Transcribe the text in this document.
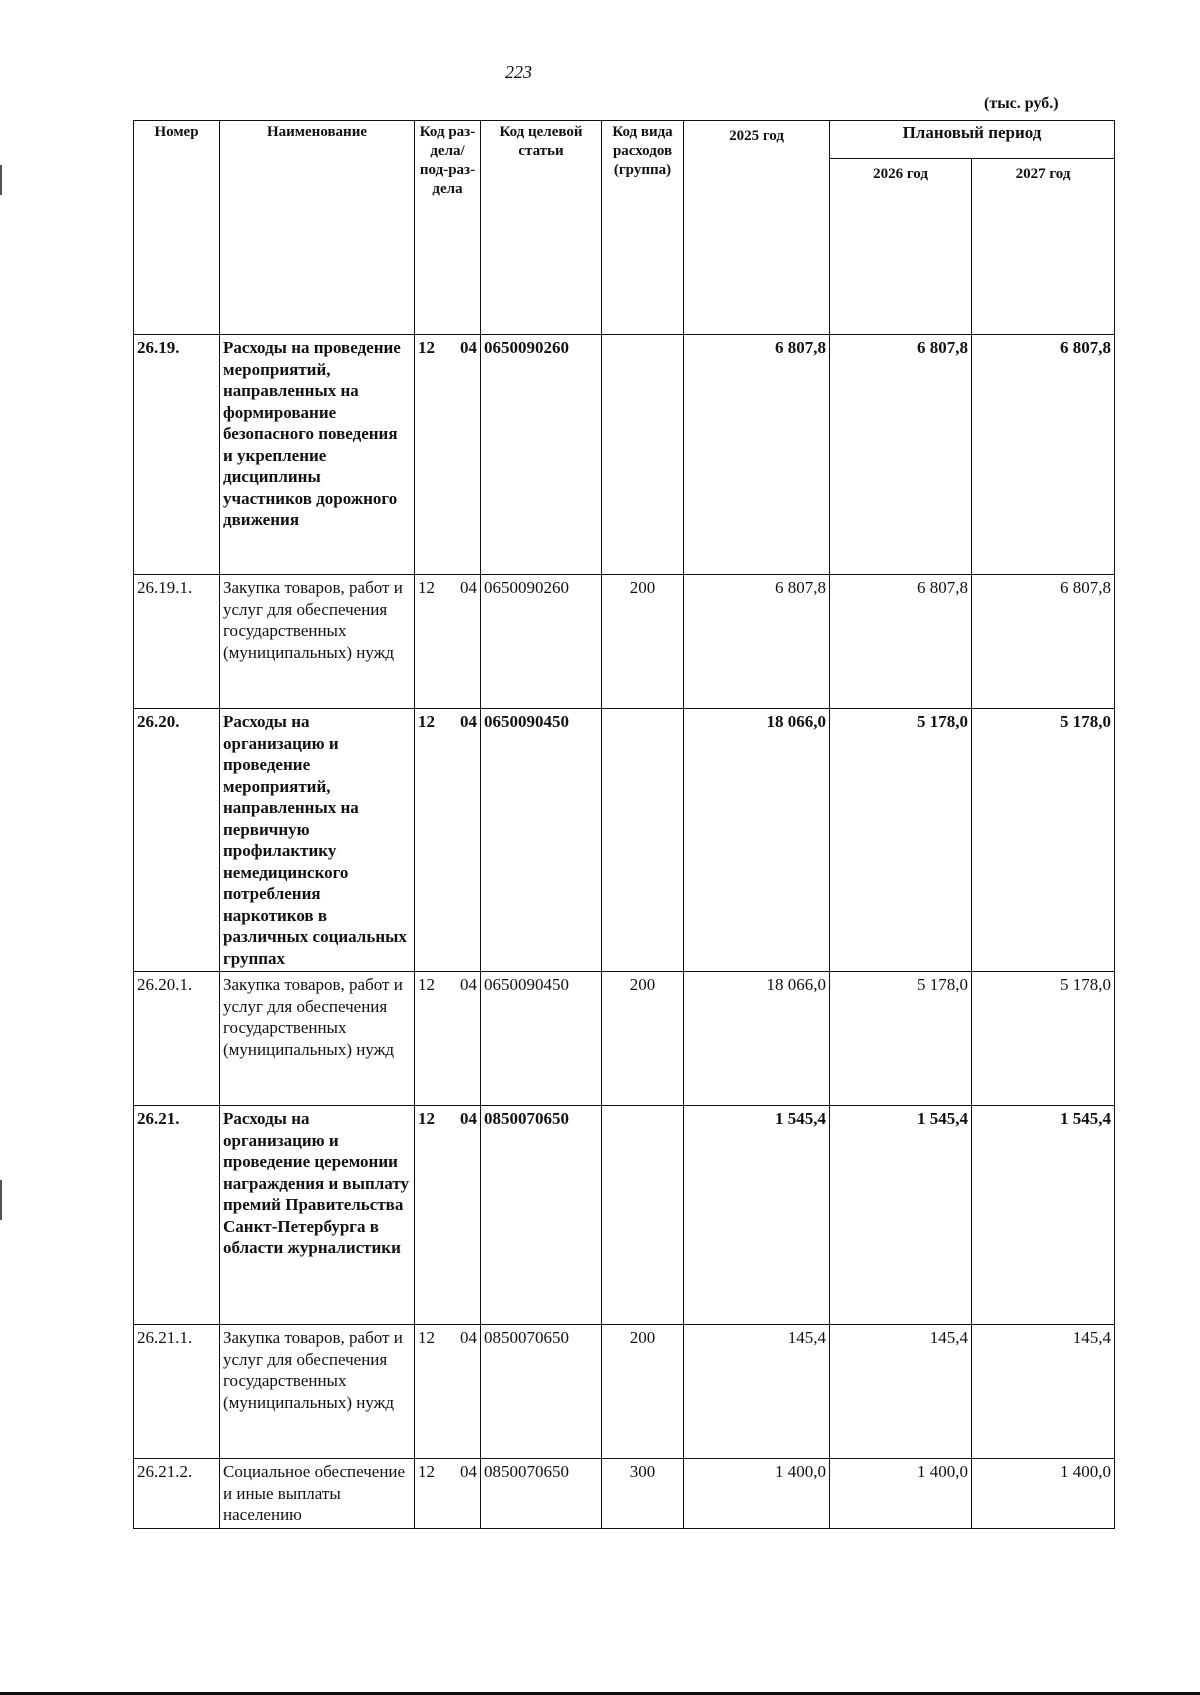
223
(тыс. руб.)
Номер	Наименование	Код раз-дела/ под-раз-дела	Код целевой статьи	Код вида расходов (группа)	2025 год	Плановый период	
						2026 год	2027 год
26.19.	Расходы на проведение мероприятий, направленных на формирование безопасного поведения и укрепление дисциплины участников дорожного движения	12 04	0650090260		6 807,8	6 807,8	6 807,8
26.19.1.	Закупка товаров, работ и услуг для обеспечения государственных (муниципальных) нужд	12 04	0650090260	200	6 807,8	6 807,8	6 807,8
26.20.	Расходы на организацию и проведение мероприятий, направленных на первичную профилактику немедицинского потребления наркотиков в различных социальных группах	12 04	0650090450		18 066,0	5 178,0	5 178,0
26.20.1.	Закупка товаров, работ и услуг для обеспечения государственных (муниципальных) нужд	12 04	0650090450	200	18 066,0	5 178,0	5 178,0
26.21.	Расходы на организацию и проведение церемонии награждения и выплату премий Правительства Санкт-Петербурга в области журналистики	12 04	0850070650		1 545,4	1 545,4	1 545,4
26.21.1.	Закупка товаров, работ и услуг для обеспечения государственных (муниципальных) нужд	12 04	0850070650	200	145,4	145,4	145,4
26.21.2.	Социальное обеспечение и иные выплаты населению	12 04	0850070650	300	1 400,0	1 400,0	1 400,0
